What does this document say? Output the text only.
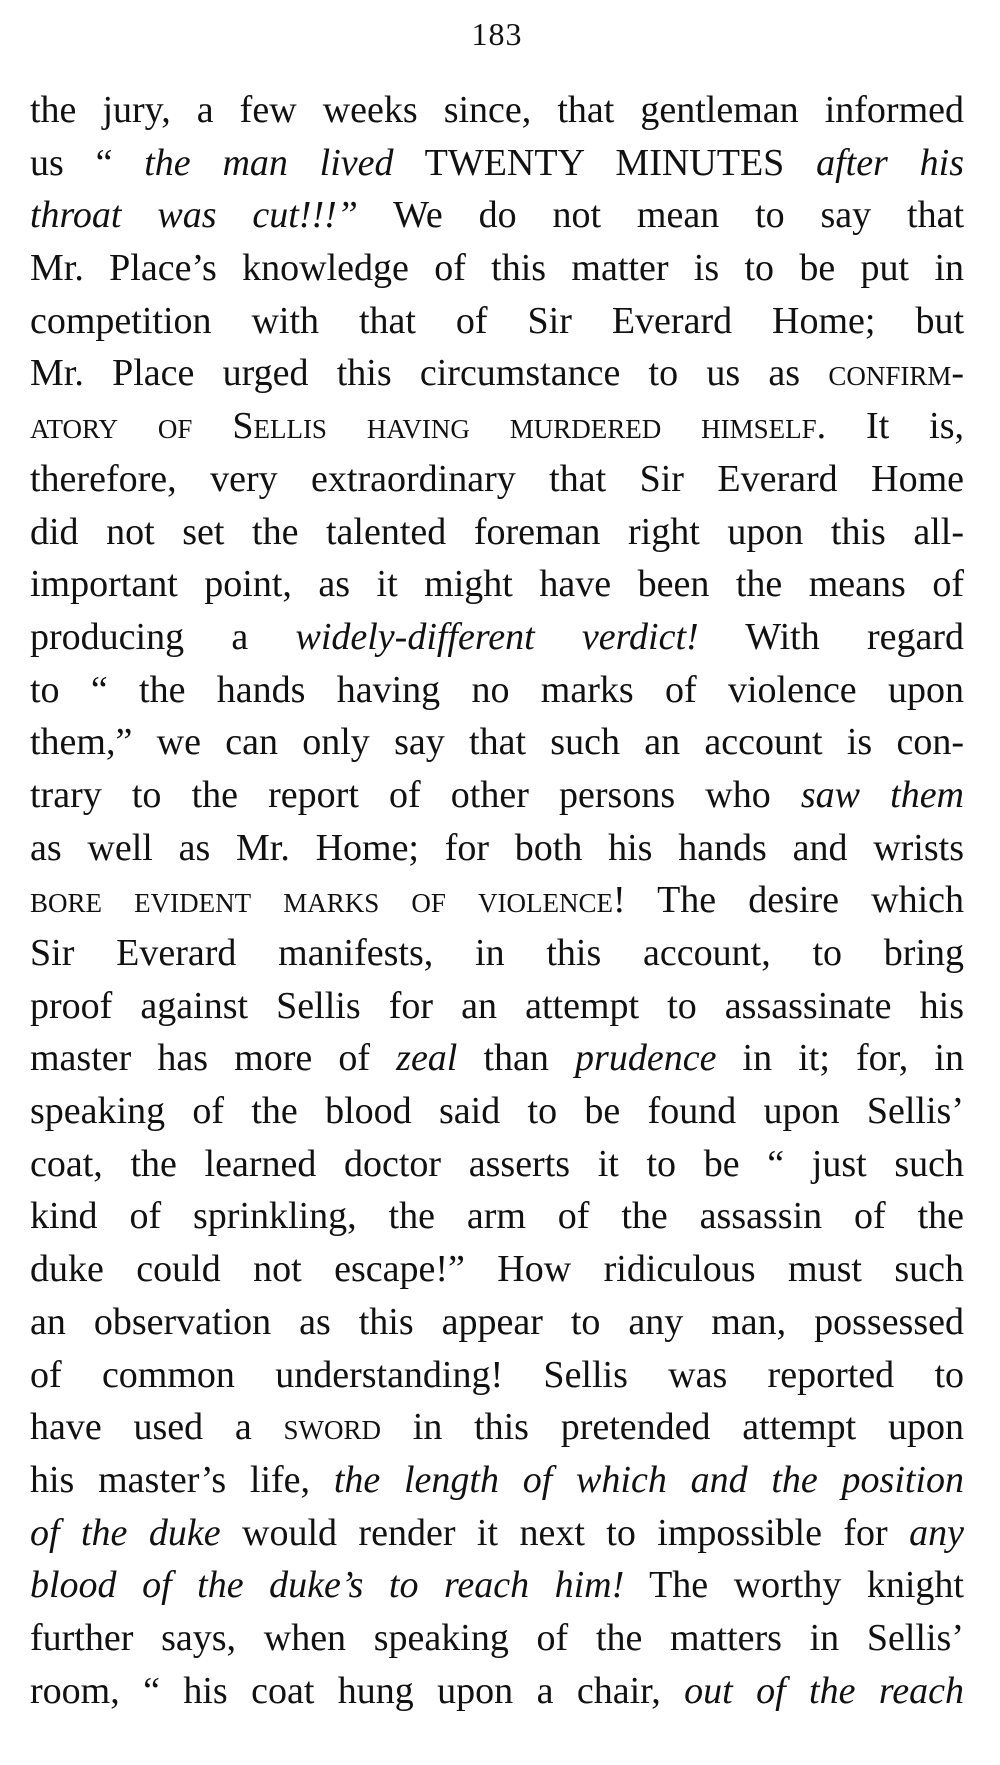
183
the jury, a few weeks since, that gentleman informed
us “ the man lived TWENTY MINUTES after his
throat was cut!!!” We do not mean to say that
Mr. Place’s knowledge of this matter is to be put in
competition with that of Sir Everard Home; but
Mr. Place urged this circumstance to us as confirm-
atory of Sellis having murdered himself. It is,
therefore, very extraordinary that Sir Everard Home
did not set the talented foreman right upon this all-
important point, as it might have been the means of
producing a widely-different verdict! With regard
to “ the hands having no marks of violence upon
them,” we can only say that such an account is con-
trary to the report of other persons who saw them
as well as Mr. Home; for both his hands and wrists
bore evident marks of violence! The desire which
Sir Everard manifests, in this account, to bring
proof against Sellis for an attempt to assassinate his
master has more of zeal than prudence in it; for, in
speaking of the blood said to be found upon Sellis’
coat, the learned doctor asserts it to be “ just such
kind of sprinkling, the arm of the assassin of the
duke could not escape!” How ridiculous must such
an observation as this appear to any man, possessed
of common understanding! Sellis was reported to
have used a sword in this pretended attempt upon
his master’s life, the length of which and the position
of the duke would render it next to impossible for any
blood of the duke’s to reach him! The worthy knight
further says, when speaking of the matters in Sellis’
room, “ his coat hung upon a chair, out of the reach
